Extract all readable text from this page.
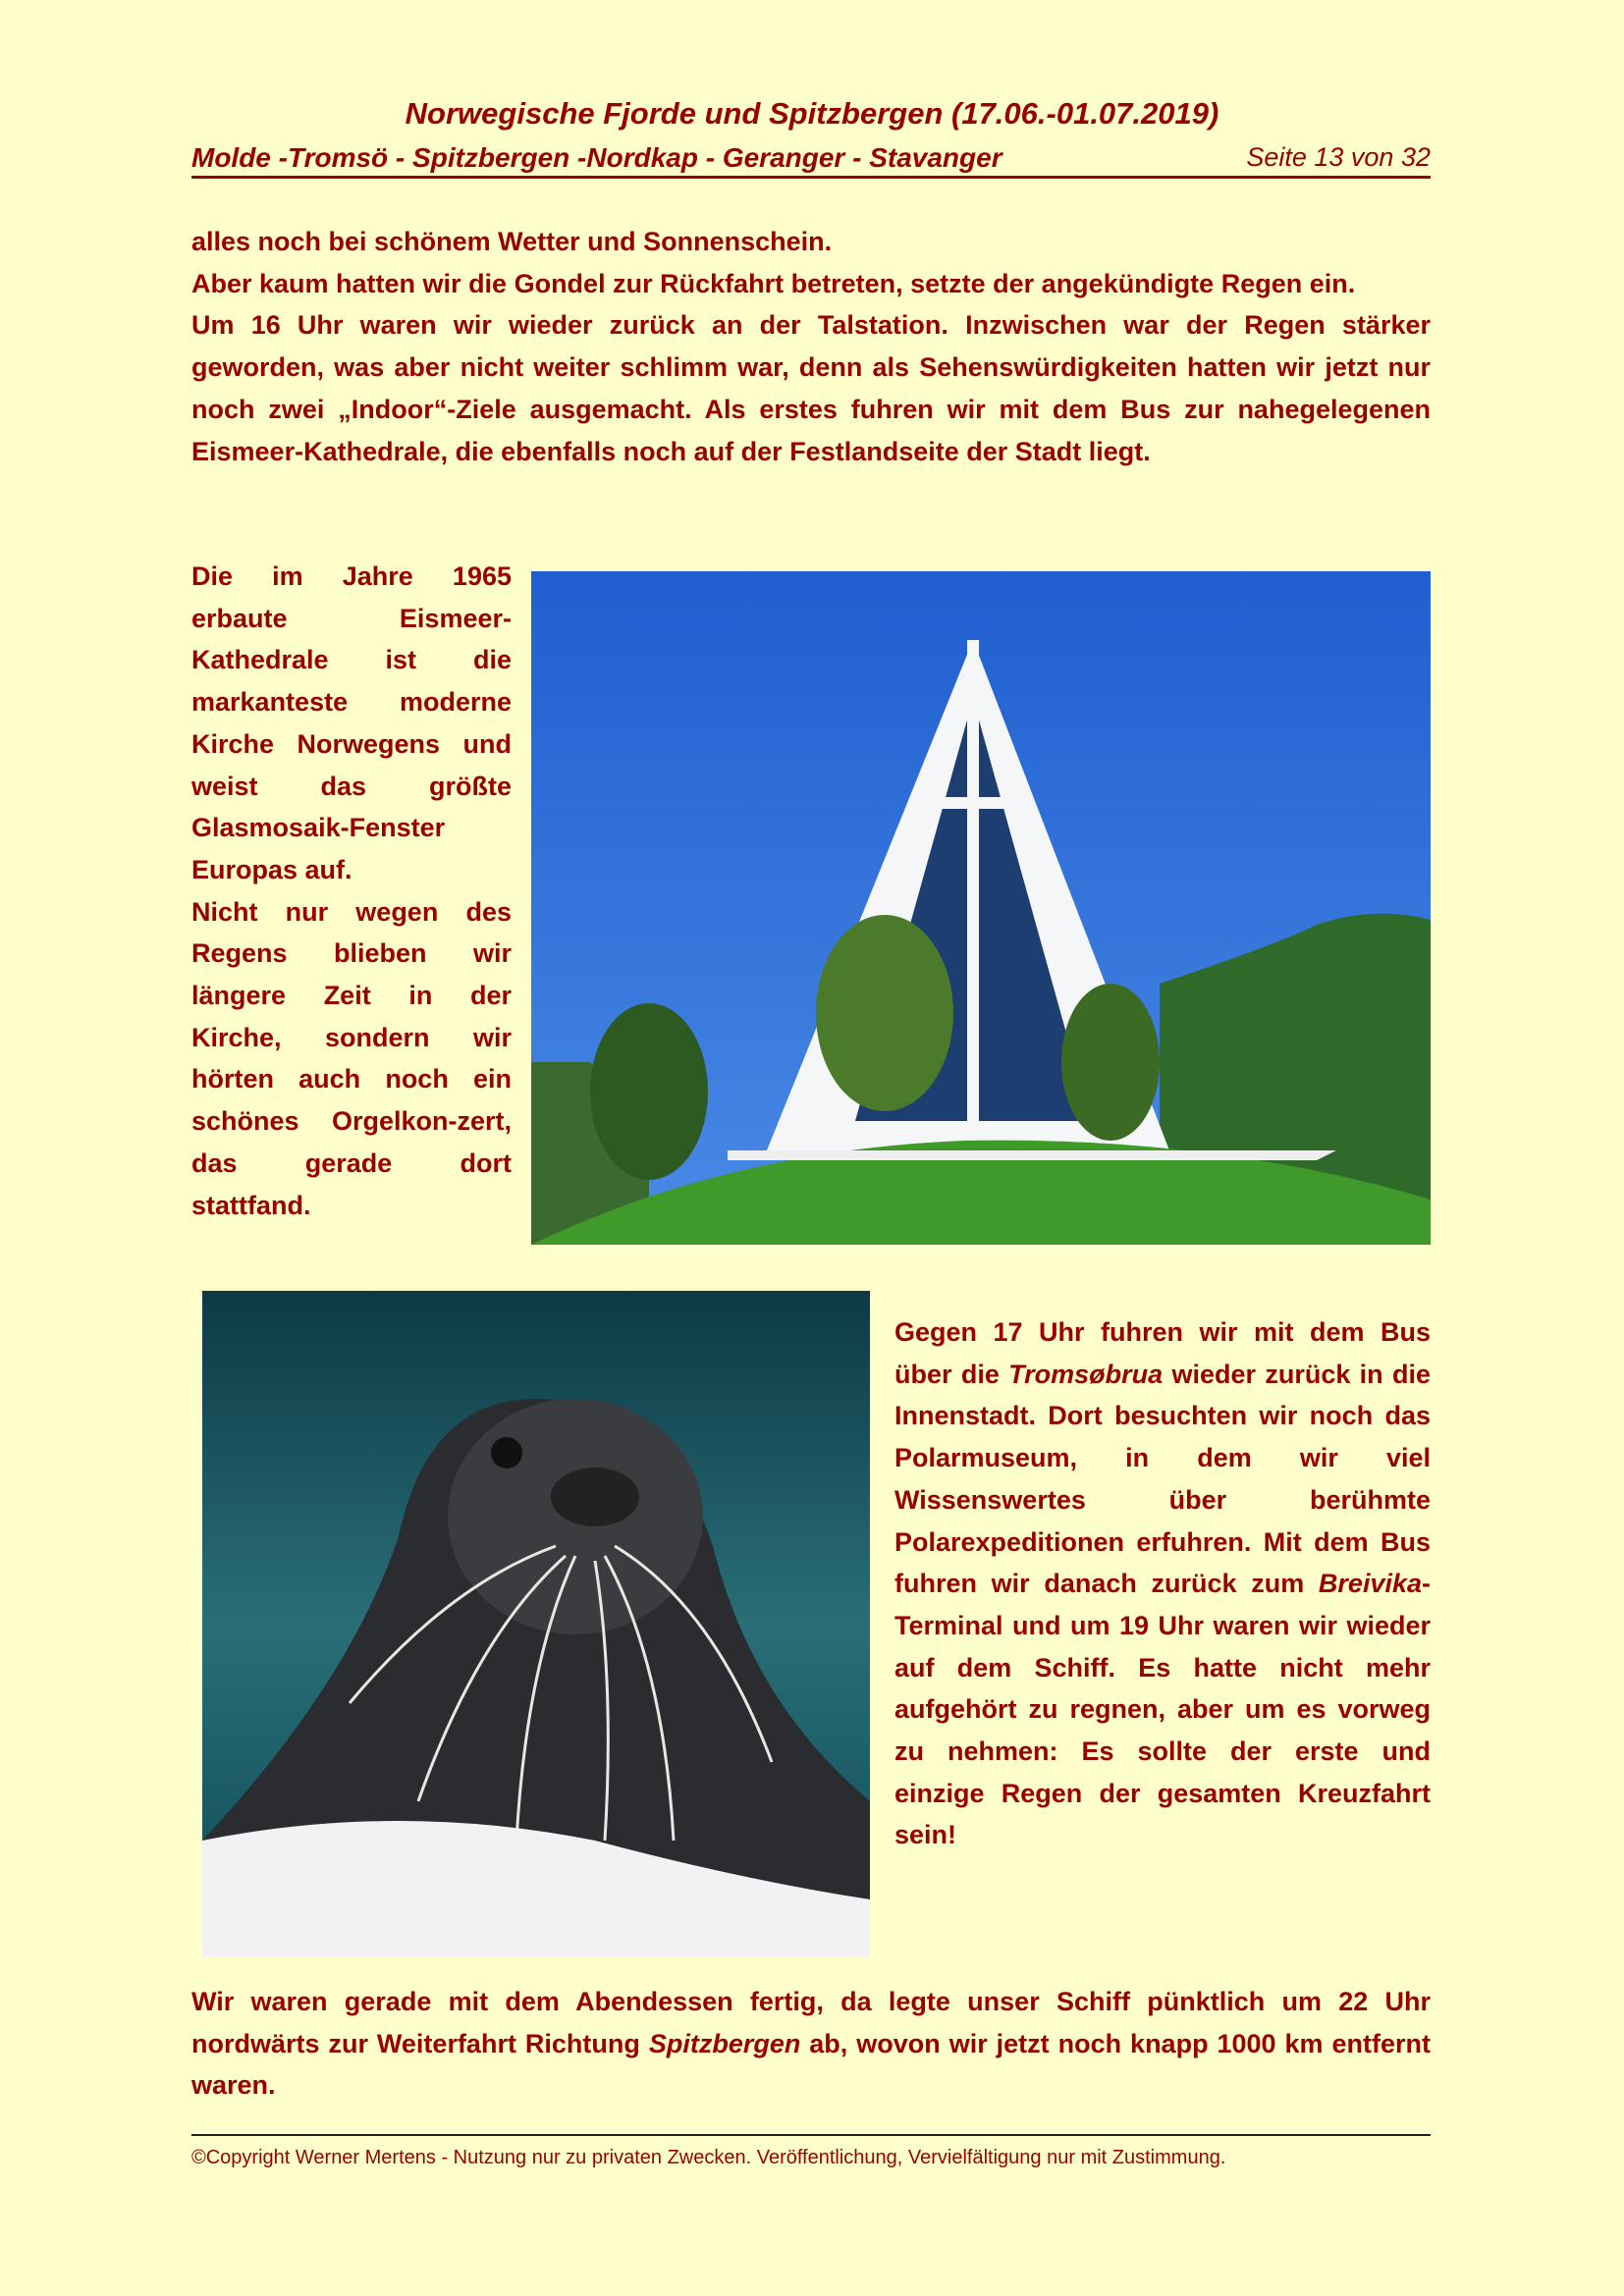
Norwegische Fjorde und Spitzbergen (17.06.-01.07.2019)
Molde -Tromsö - Spitzbergen -Nordkap - Geranger - Stavanger	Seite 13 von 32
alles noch bei schönem Wetter und Sonnenschein.
Aber kaum hatten wir die Gondel zur Rückfahrt betreten, setzte der angekündigte Regen ein.
Um 16 Uhr waren wir wieder zurück an der Talstation. Inzwischen war der Regen stärker geworden, was aber nicht weiter schlimm war, denn als Sehenswürdigkeiten hatten wir jetzt nur noch zwei „Indoor“-Ziele ausgemacht. Als erstes fuhren wir mit dem Bus zur nahegelegenen Eismeer-Kathedrale, die ebenfalls noch auf der Festlandseite der Stadt liegt.
Die im Jahre 1965 erbaute Eismeer-Kathedrale ist die markanteste moderne Kirche Norwegens und weist das größte Glasmosaik-Fenster Europas auf.
Nicht nur wegen des Regens blieben wir längere Zeit in der Kirche, sondern wir hörten auch noch ein schönes Orgelkon-zert, das gerade dort stattfand.
Gegen 17 Uhr fuhren wir mit dem Bus über die Tromsøbrua wieder zurück in die Innenstadt. Dort besuchten wir noch das Polarmuseum, in dem wir viel Wissenswertes über berühmte Polarexpeditionen erfuhren. Mit dem Bus fuhren wir danach zurück zum Breivika-Terminal und um 19 Uhr waren wir wieder auf dem Schiff. Es hatte nicht mehr aufgehört zu regnen, aber um es vorweg zu nehmen: Es sollte der erste und einzige Regen der gesamten Kreuzfahrt sein!
Wir waren gerade mit dem Abendessen fertig, da legte unser Schiff pünktlich um 22 Uhr nordwärts zur Weiterfahrt Richtung Spitzbergen ab, wovon wir jetzt noch knapp 1000 km entfernt waren.
©Copyright Werner Mertens - Nutzung nur zu privaten Zwecken. Veröffentlichung, Vervielfältigung nur mit Zustimmung.
